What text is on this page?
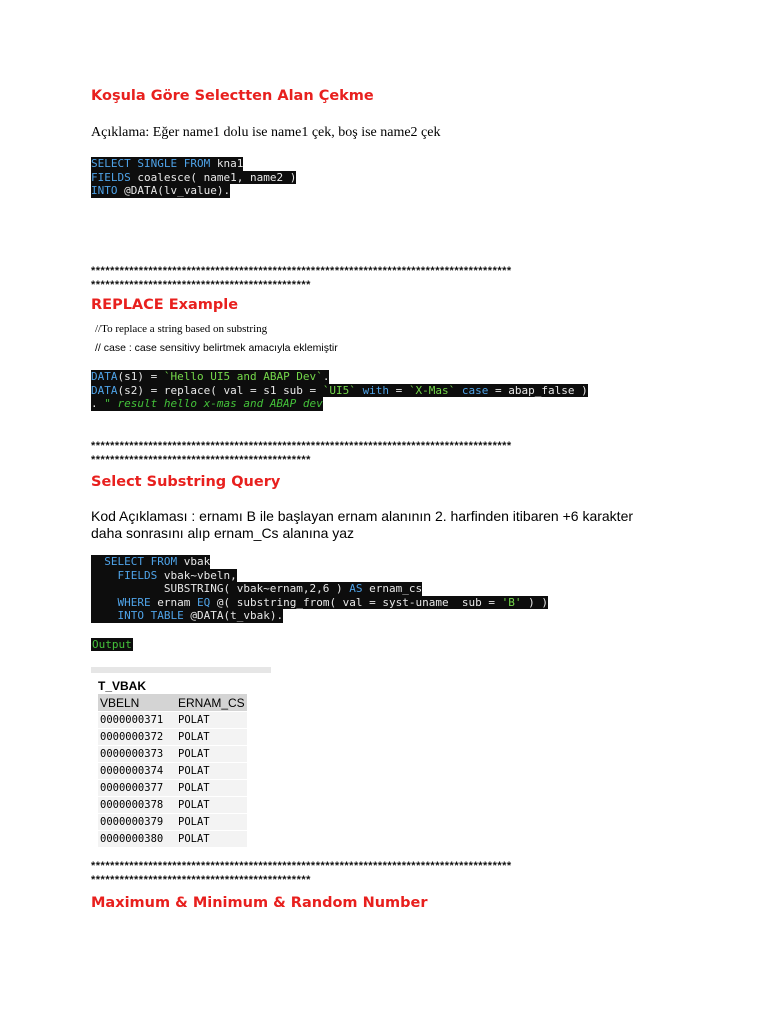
Koşula Göre Selectten Alan Çekme

Açıklama: Eğer name1 dolu ise name1 çek, boş ise name2 çek

SELECT SINGLE FROM kna1
FIELDS coalesce( name1, name2 )
INTO @DATA(lv_value).
****************************************************************************************
**********************************************
REPLACE Example

//To replace a string based on substring

// case : case sensitivy belirtmek amacıyla eklemiştir

DATA(s1) = `Hello UI5 and ABAP Dev`.
DATA(s2) = replace( val = s1 sub = `UI5` with = `X-Mas` case = abap_false )
. " result hello x-mas and ABAP dev
****************************************************************************************
**********************************************
Select Substring Query

Kod Açıklaması : ernamı B ile başlayan ernam alanının 2. harfinden itibaren +6 karakter daha sonrasını alıp ernam_Cs alanına yaz

SELECT FROM vbak
FIELDS vbak~vbeln,
SUBSTRING( vbak~ernam,2,6 ) AS ernam_cs
WHERE ernam EQ @( substring_from( val = syst-uname  sub = 'B' ) )
INTO TABLE @DATA(t_vbak).
Output

T_VBAK

VBELN	ERNAM_CS
0000000371	POLAT
0000000372	POLAT
0000000373	POLAT
0000000374	POLAT
0000000377	POLAT
0000000378	POLAT
0000000379	POLAT
0000000380	POLAT
****************************************************************************************
**********************************************
Maximum & Minimum & Random Number
